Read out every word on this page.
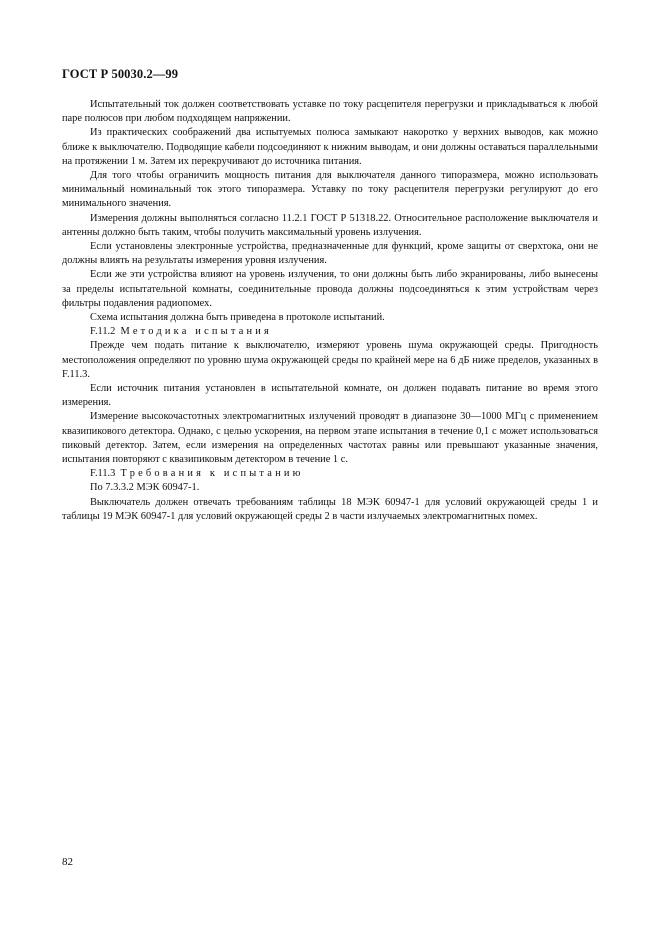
ГОСТ Р 50030.2—99

Испытательный ток должен соответствовать уставке по току расцепителя перегрузки и прикладываться к любой паре полюсов при любом подходящем напряжении.

Из практических соображений два испытуемых полюса замыкают накоротко у верхних выводов, как можно ближе к выключателю. Подводящие кабели подсоединяют к нижним выводам, и они должны оставаться параллельными на протяжении 1 м. Затем их перекручивают до источника питания.

Для того чтобы ограничить мощность питания для выключателя данного типоразмера, можно использовать минимальный номинальный ток этого типоразмера. Уставку по току расцепителя перегрузки регулируют до его минимального значения.

Измерения должны выполняться согласно 11.2.1 ГОСТ Р 51318.22. Относительное расположение выключателя и антенны должно быть таким, чтобы получить максимальный уровень излучения.

Если установлены электронные устройства, предназначенные для функций, кроме защиты от сверхтока, они не должны влиять на результаты измерения уровня излучения.

Если же эти устройства влияют на уровень излучения, то они должны быть либо экранированы, либо вынесены за пределы испытательной комнаты, соединительные провода должны подсоединяться к этим устройствам через фильтры подавления радиопомех.

Схема испытания должна быть приведена в протоколе испытаний.

F.11.2 Методика испытания

Прежде чем подать питание к выключателю, измеряют уровень шума окружающей среды. Пригодность местоположения определяют по уровню шума окружающей среды по крайней мере на 6 дБ ниже пределов, указанных в F.11.3.

Если источник питания установлен в испытательной комнате, он должен подавать питание во время этого измерения.

Измерение высокочастотных электромагнитных излучений проводят в диапазоне 30—1000 МГц с применением квазипикового детектора. Однако, с целью ускорения, на первом этапе испытания в течение 0,1 с может использоваться пиковый детектор. Затем, если измерения на определенных частотах равны или превышают указанные значения, испытания повторяют с квазипиковым детектором в течение 1 с.

F.11.3 Требования к испытанию

По 7.3.3.2 МЭК 60947-1.

Выключатель должен отвечать требованиям таблицы 18 МЭК 60947-1 для условий окружающей среды 1 и таблицы 19 МЭК 60947-1 для условий окружающей среды 2 в части излучаемых электромагнитных помех.

82
